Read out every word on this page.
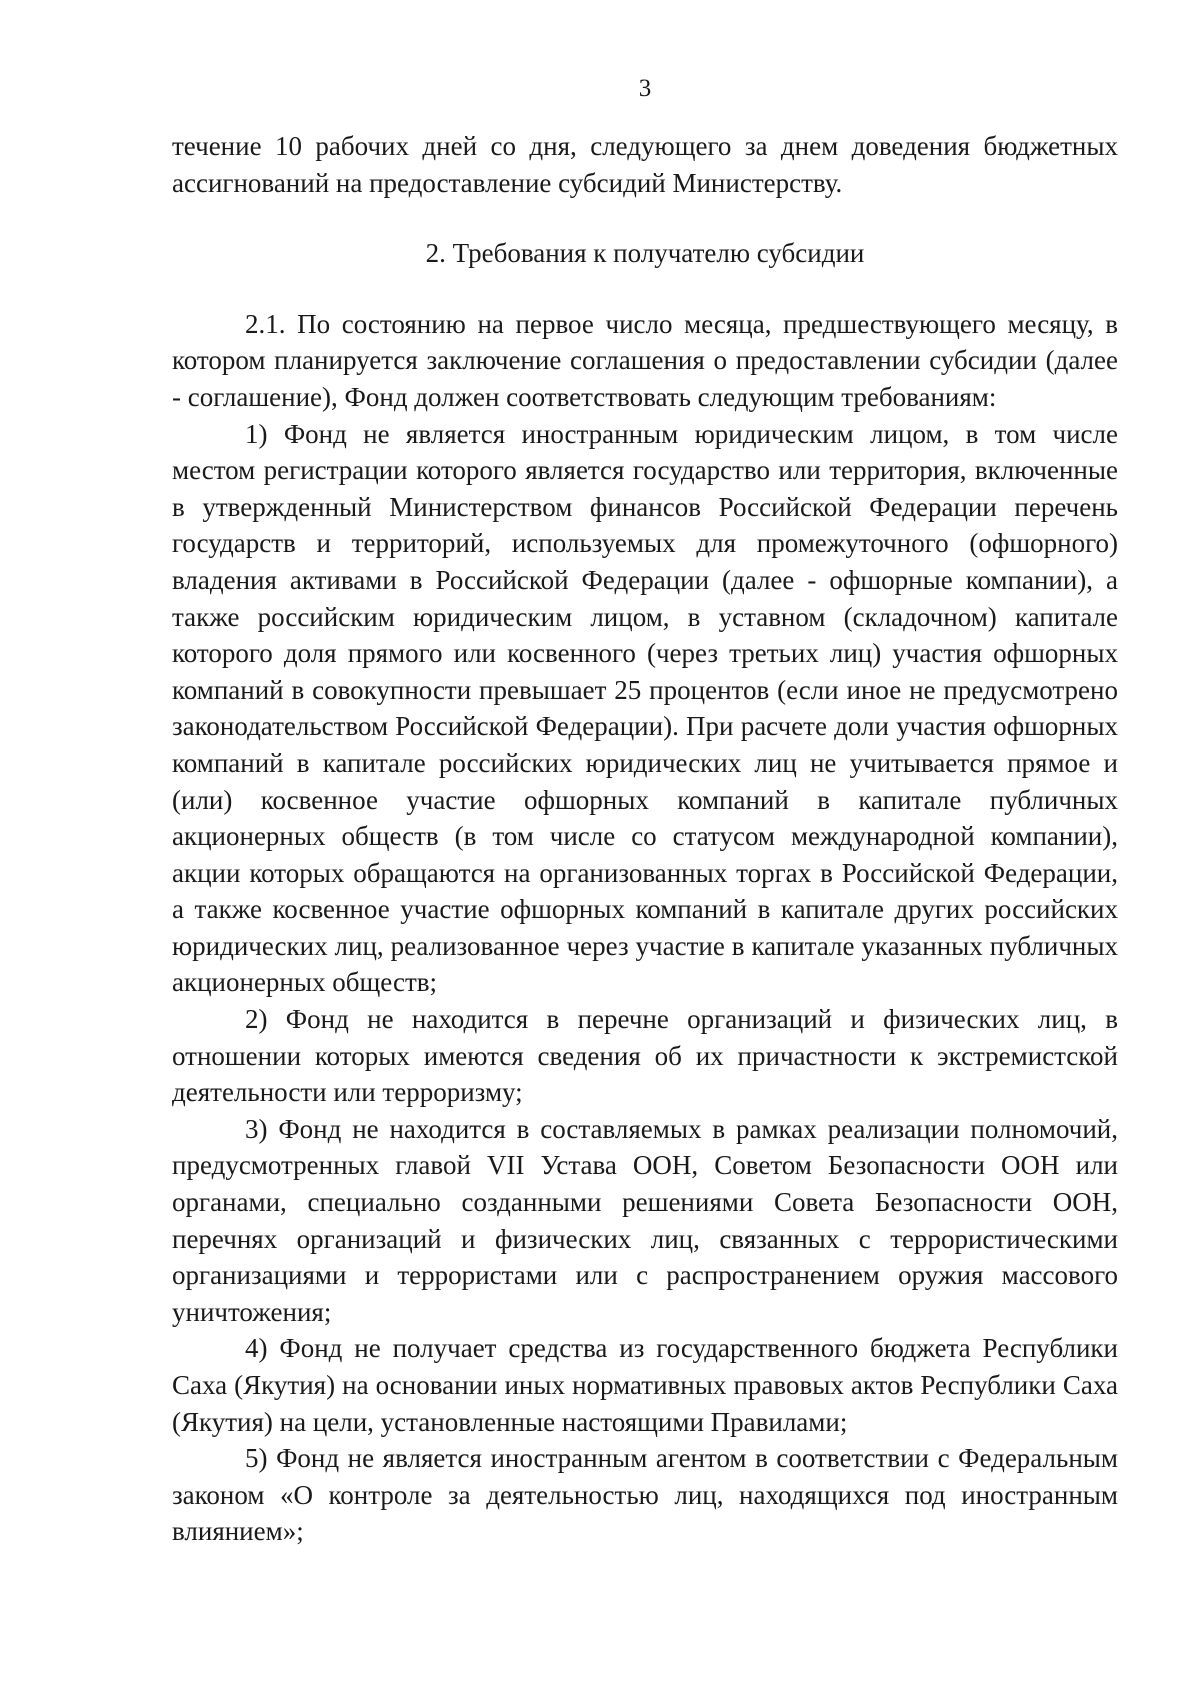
3

течение 10 рабочих дней со дня, следующего за днем доведения бюджетных ассигнований на предоставление субсидий Министерству.

2. Требования к получателю субсидии

2.1. По состоянию на первое число месяца, предшествующего месяцу, в котором планируется заключение соглашения о предоставлении субсидии (далее - соглашение), Фонд должен соответствовать следующим требованиям:

1) Фонд не является иностранным юридическим лицом, в том числе местом регистрации которого является государство или территория, включенные в утвержденный Министерством финансов Российской Федерации перечень государств и территорий, используемых для промежуточного (офшорного) владения активами в Российской Федерации (далее - офшорные компании), а также российским юридическим лицом, в уставном (складочном) капитале которого доля прямого или косвенного (через третьих лиц) участия офшорных компаний в совокупности превышает 25 процентов (если иное не предусмотрено законодательством Российской Федерации). При расчете доли участия офшорных компаний в капитале российских юридических лиц не учитывается прямое и (или) косвенное участие офшорных компаний в капитале публичных акционерных обществ (в том числе со статусом международной компании), акции которых обращаются на организованных торгах в Российской Федерации, а также косвенное участие офшорных компаний в капитале других российских юридических лиц, реализованное через участие в капитале указанных публичных акционерных обществ;

2) Фонд не находится в перечне организаций и физических лиц, в отношении которых имеются сведения об их причастности к экстремистской деятельности или терроризму;

3) Фонд не находится в составляемых в рамках реализации полномочий, предусмотренных главой VII Устава ООН, Советом Безопасности ООН или органами, специально созданными решениями Совета Безопасности ООН, перечнях организаций и физических лиц, связанных с террористическими организациями и террористами или с распространением оружия массового уничтожения;

4) Фонд не получает средства из государственного бюджета Республики Саха (Якутия) на основании иных нормативных правовых актов Республики Саха (Якутия) на цели, установленные настоящими Правилами;

5) Фонд не является иностранным агентом в соответствии с Федеральным законом «О контроле за деятельностью лиц, находящихся под иностранным влиянием»;
